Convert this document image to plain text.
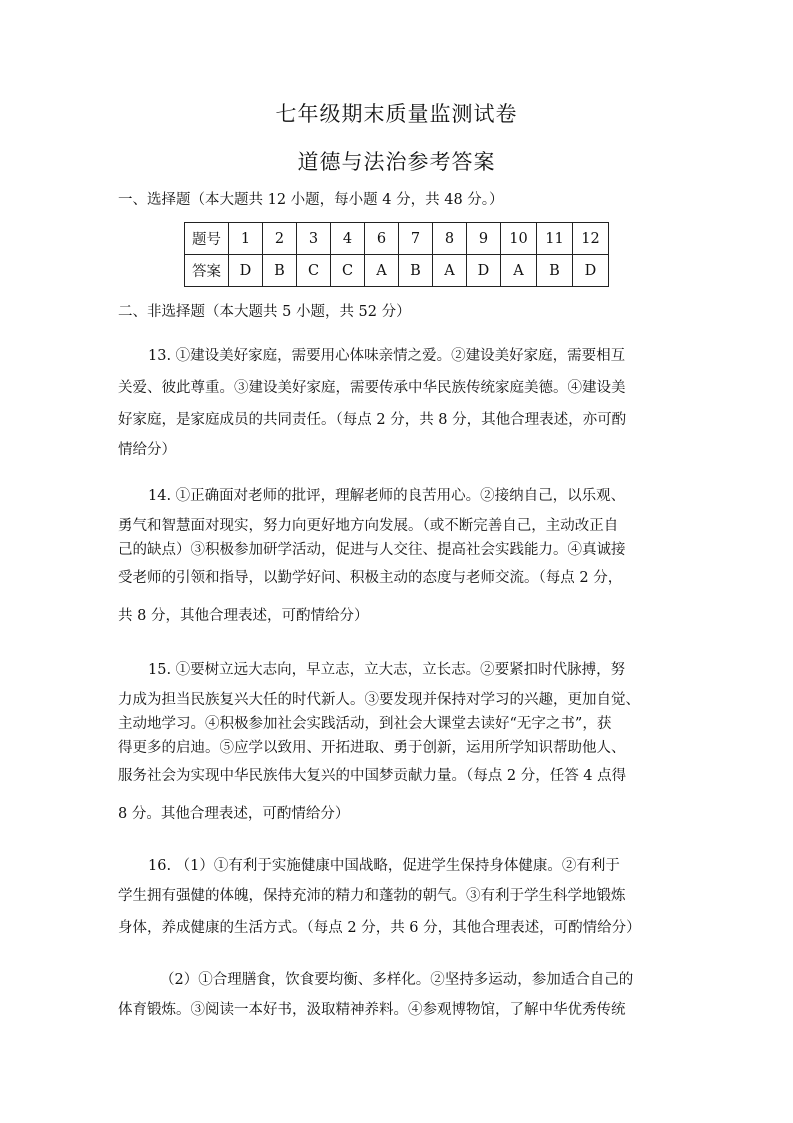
七年级期末质量监测试卷
道德与法治参考答案
一、选择题（本大题共 12 小题，每小题 4 分，共 48 分。）
题号	1	2	3	4	6	7	8	9	10	11	12
答案	D	B	C	C	A	B	A	D	A	B	D
二、非选择题（本大题共 5 小题，共 52 分）
13. ①建设美好家庭，需要用心体味亲情之爱。②建设美好家庭，需要相互
关爱、彼此尊重。③建设美好家庭，需要传承中华民族传统家庭美德。④建设美
好家庭，是家庭成员的共同责任。（每点 2 分，共 8 分，其他合理表述，亦可酌
情给分）
14. ①正确面对老师的批评，理解老师的良苦用心。②接纳自己，以乐观、
勇气和智慧面对现实，努力向更好地方向发展。（或不断完善自己，主动改正自
己的缺点）③积极参加研学活动，促进与人交往、提高社会实践能力。④真诚接
受老师的引领和指导，以勤学好问、积极主动的态度与老师交流。（每点 2 分，
共 8 分，其他合理表述，可酌情给分）
15. ①要树立远大志向，早立志，立大志，立长志。②要紧扣时代脉搏，努
力成为担当民族复兴大任的时代新人。③要发现并保持对学习的兴趣，更加自觉、
主动地学习。④积极参加社会实践活动，到社会大课堂去读好“无字之书”，获
得更多的启迪。⑤应学以致用、开拓进取、勇于创新，运用所学知识帮助他人、
服务社会为实现中华民族伟大复兴的中国梦贡献力量。（每点 2 分，任答 4 点得
8 分。其他合理表述，可酌情给分）
16. （1）①有利于实施健康中国战略，促进学生保持身体健康。②有利于
学生拥有强健的体魄，保持充沛的精力和蓬勃的朝气。③有利于学生科学地锻炼
身体，养成健康的生活方式。（每点 2 分，共 6 分，其他合理表述，可酌情给分）
（2）①合理膳食，饮食要均衡、多样化。②坚持多运动，参加适合自己的
体育锻炼。③阅读一本好书，汲取精神养料。④参观博物馆，了解中华优秀传统
